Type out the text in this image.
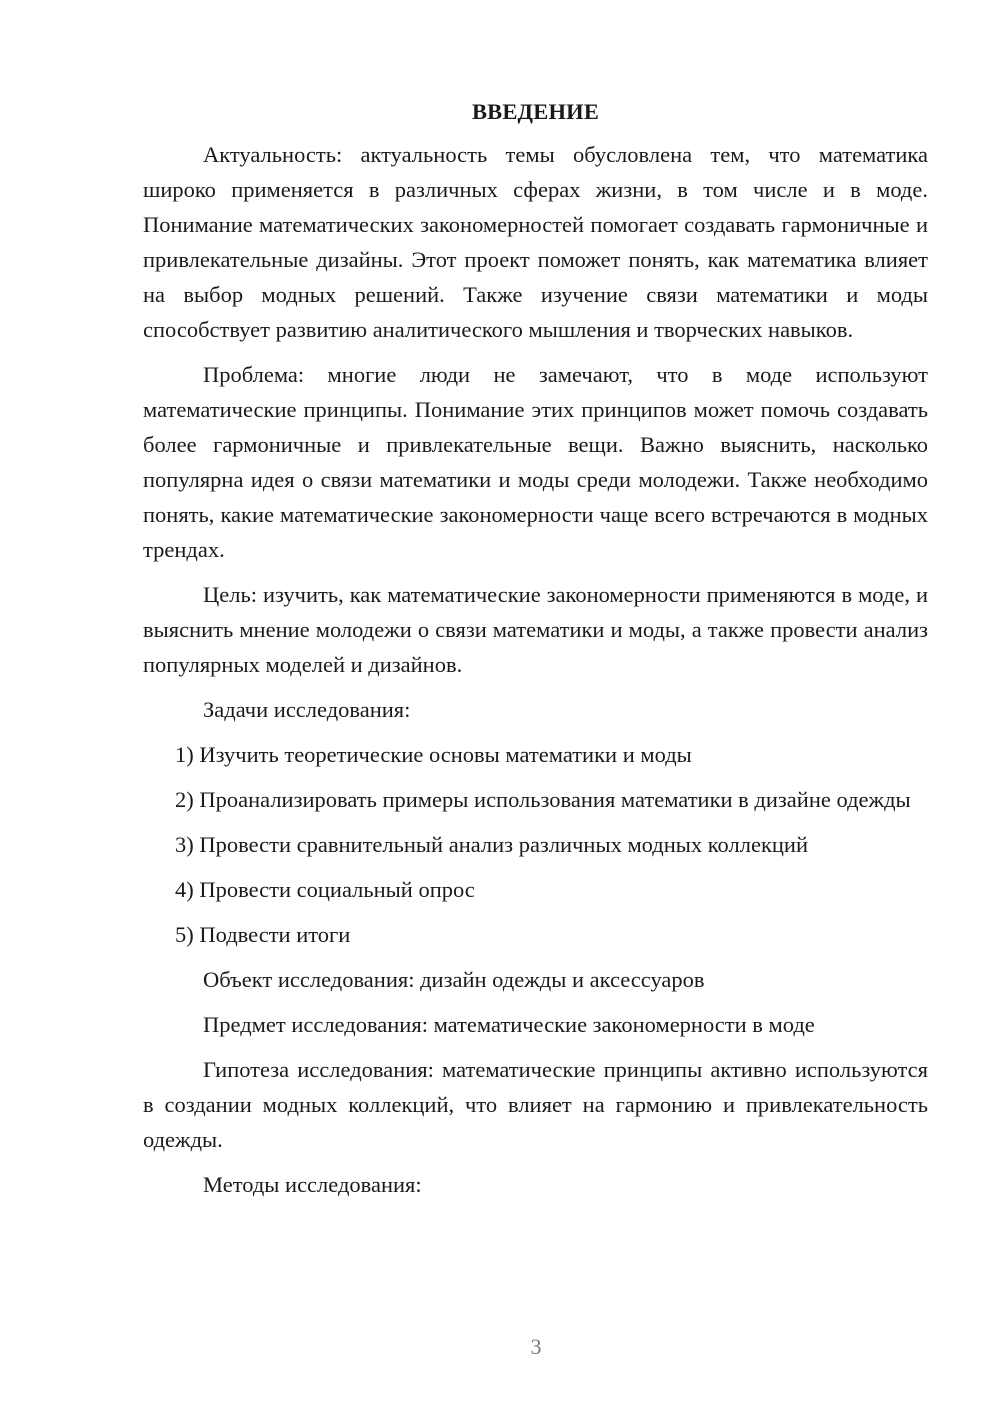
ВВЕДЕНИЕ

Актуальность: актуальность темы обусловлена тем, что математика широко применяется в различных сферах жизни, в том числе и в моде. Понимание математических закономерностей помогает создавать гармоничные и привлекательные дизайны. Этот проект поможет понять, как математика влияет на выбор модных решений. Также изучение связи математики и моды способствует развитию аналитического мышления и творческих навыков.

Проблема: многие люди не замечают, что в моде используют математические принципы. Понимание этих принципов может помочь создавать более гармоничные и привлекательные вещи. Важно выяснить, насколько популярна идея о связи математики и моды среди молодежи. Также необходимо понять, какие математические закономерности чаще всего встречаются в модных трендах.

Цель: изучить, как математические закономерности применяются в моде, и выяснить мнение молодежи о связи математики и моды, а также провести анализ популярных моделей и дизайнов.

Задачи исследования:

1) Изучить теоретические основы математики и моды

2) Проанализировать примеры использования математики в дизайне одежды

3) Провести сравнительный анализ различных модных коллекций

4) Провести социальный опрос

5) Подвести итоги

Объект исследования: дизайн одежды и аксессуаров

Предмет исследования: математические закономерности в моде

Гипотеза исследования: математические принципы активно используются в создании модных коллекций, что влияет на гармонию и привлекательность одежды.

Методы исследования:

3
